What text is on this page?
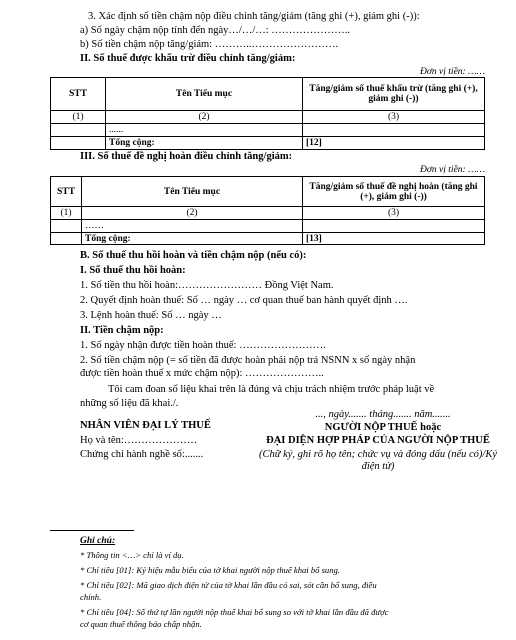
3. Xác định số tiền chậm nộp điều chỉnh tăng/giảm (tăng ghi (+), giảm ghi (-)):
a) Số ngày chậm nộp tính đến ngày…/…/…: …………………..
b) Số tiền chậm nộp tăng/giảm: ………..…………………….
II. Số thuế được khấu trừ điều chỉnh tăng/giảm:
Đơn vị tiền: ……
STT	Tên Tiểu mục	Tăng/giảm số thuế khấu trừ (tăng ghi (+), giảm ghi (-))
(1)	(2)	(3)
	......	
	Tổng cộng:	[12]
III. Số thuế đề nghị hoàn điều chỉnh tăng/giảm:
Đơn vị tiền: ……
STT	Tên Tiểu mục	Tăng/giảm số thuế đề nghị hoàn (tăng ghi (+), giảm ghi (-))
(1)	(2)	(3)
	……	
	Tổng cộng:	[13]
B. Số thuế thu hồi hoàn và tiền chậm nộp (nếu có):
I. Số thuế thu hồi hoàn:
1. Số tiền thu hồi hoàn:…………………… Đồng Việt Nam.
2. Quyết định hoàn thuế: Số … ngày … cơ quan thuế ban hành quyết định ….
3. Lệnh hoàn thuế: Số … ngày …
II. Tiền chậm nộp:
1. Số ngày nhận được tiền hoàn thuế: …………………….
2. Số tiền chậm nộp (= số tiền đã được hoàn phải nộp trả NSNN x số ngày nhận
được tiền hoàn thuế x mức chậm nộp): …………………..
Tôi cam đoan số liệu khai trên là đúng và chịu trách nhiệm trước pháp luật về
những số liệu đã khai./.
NHÂN VIÊN ĐẠI LÝ THUẾ
Họ và tên:…………………
Chứng chỉ hành nghề số:.......
..., ngày....... tháng....... năm.......
NGƯỜI NỘP THUẾ hoặc
ĐẠI DIỆN HỢP PHÁP CỦA NGƯỜI NỘP THUẾ
(Chữ ký, ghi rõ họ tên; chức vụ và đóng dấu (nếu có)/Ký
điện tử)
Ghi chú:
* Thông tin <…> chỉ là ví dụ.
* Chỉ tiêu [01]: Ký hiệu mẫu biểu của tờ khai người nộp thuế khai bổ sung.
* Chỉ tiêu [02]: Mã giao dịch điện tử của tờ khai lần đầu có sai, sót cần bổ sung, điều
chỉnh.
* Chỉ tiêu [04]: Số thứ tự lần người nộp thuế khai bổ sung so với tờ khai lần đầu đã được
cơ quan thuế thông báo chấp nhận.
